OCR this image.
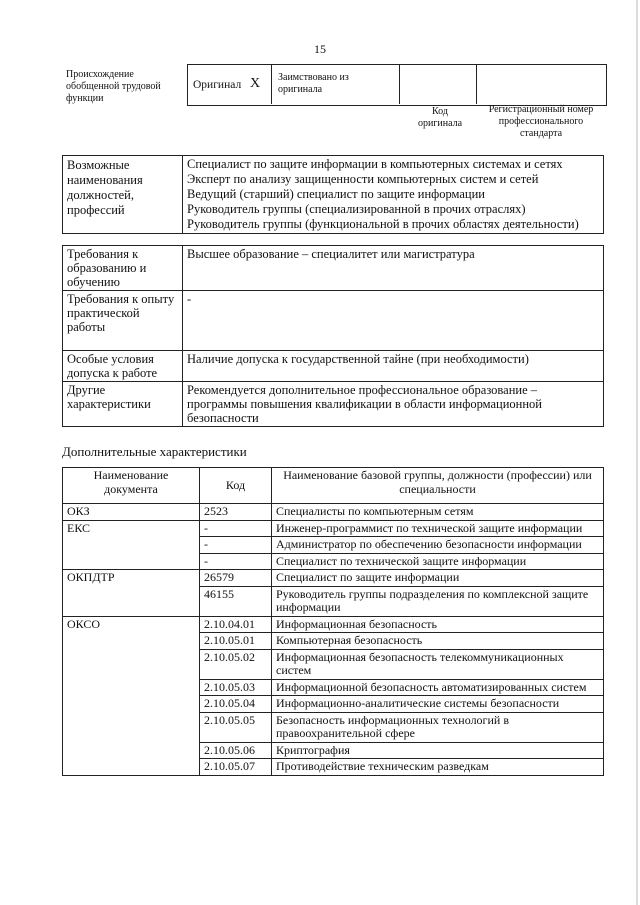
15
Происхождение обобщенной трудовой функции
Оригинал X Заимствовано из оригинала
Код оригинала
Регистрационный номер профессионального стандарта
Возможные наименования должностей, профессий	
Специалист по защите информации в компьютерных системах и сетях
Эксперт по анализу защищенности компьютерных систем и сетей
Ведущий (старший) специалист по защите информации
Руководитель группы (специализированной в прочих отраслях)
Руководитель группы (функциональной в прочих областях деятельности)
Требования к образованию и обучению	Высшее образование – специалитет или магистратура
Требования к опыту практической работы	-
Особые условия допуска к работе	Наличие допуска к государственной тайне (при необходимости)
Другие характеристики	Рекомендуется дополнительное профессиональное образование – программы повышения квалификации в области информационной безопасности
Дополнительные характеристики
Наименование документа	Код	Наименование базовой группы, должности (профессии) или специальности
ОКЗ	2523	Специалисты по компьютерным сетям
ЕКС	-	Инженер-программист по технической защите информации
	-	Администратор по обеспечению безопасности информации
	-	Специалист по технической защите информации
ОКПДТР	26579	Специалист по защите информации
	46155	Руководитель группы подразделения по комплексной защите информации
ОКСО	2.10.04.01	Информационная безопасность
	2.10.05.01	Компьютерная безопасность
	2.10.05.02	Информационная безопасность телекоммуникационных систем
	2.10.05.03	Информационной безопасность автоматизированных систем
	2.10.05.04	Информационно-аналитические системы безопасности
	2.10.05.05	Безопасность информационных технологий в правоохранительной сфере
	2.10.05.06	Криптография
	2.10.05.07	Противодействие техническим разведкам
